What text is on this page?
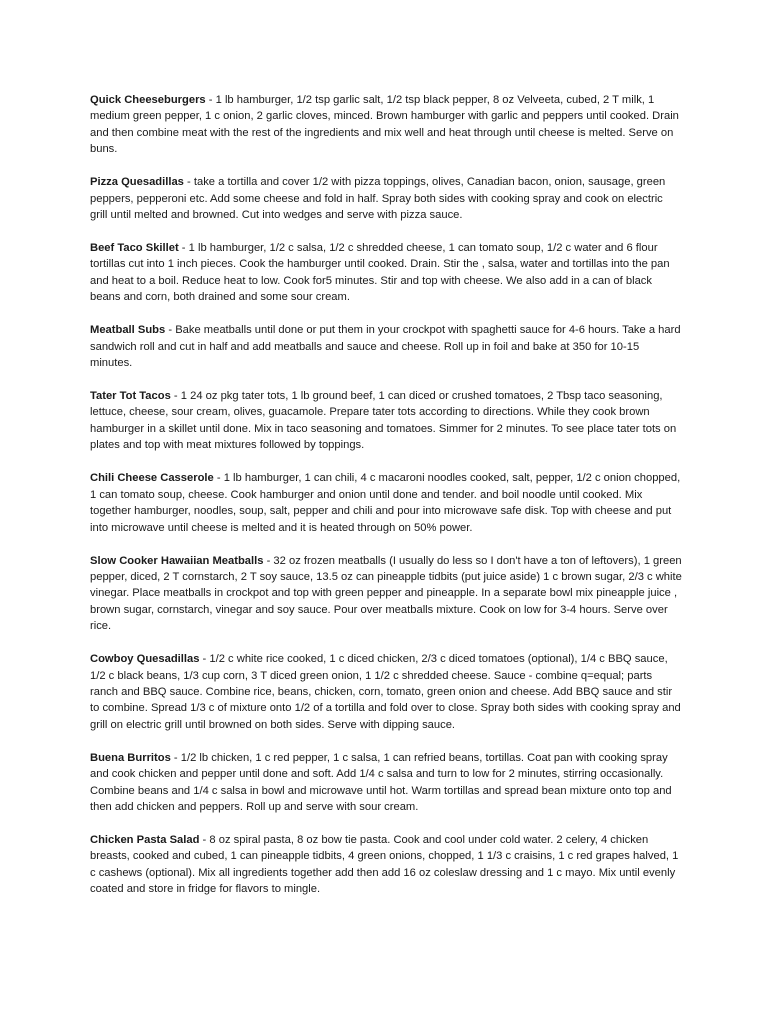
Quick Cheeseburgers - 1 lb hamburger, 1/2 tsp garlic salt, 1/2 tsp black pepper, 8 oz Velveeta, cubed, 2 T milk, 1 medium green pepper, 1 c onion, 2 garlic cloves, minced. Brown hamburger with garlic and peppers until cooked. Drain and then combine meat with the rest of the ingredients and mix well and heat through until cheese is melted. Serve on buns.

Pizza Quesadillas - take a tortilla and cover 1/2 with pizza toppings, olives, Canadian bacon, onion, sausage, green peppers, pepperoni etc. Add some cheese and fold in half. Spray both sides with cooking spray and cook on electric grill until melted and browned. Cut into wedges and serve with pizza sauce.

Beef Taco Skillet - 1 lb hamburger, 1/2 c salsa, 1/2 c shredded cheese, 1 can tomato soup, 1/2 c water and 6 flour tortillas cut into 1 inch pieces. Cook the hamburger until cooked. Drain. Stir the , salsa, water and tortillas into the pan and heat to a boil. Reduce heat to low. Cook for5 minutes. Stir and top with cheese. We also add in a can of black beans and corn, both drained and some sour cream.

Meatball Subs - Bake meatballs until done or put them in your crockpot with spaghetti sauce for 4-6 hours. Take a hard sandwich roll and cut in half and add meatballs and sauce and cheese. Roll up in foil and bake at 350 for 10-15 minutes.

Tater Tot Tacos - 1 24 oz pkg tater tots, 1 lb ground beef, 1 can diced or crushed tomatoes, 2 Tbsp taco seasoning, lettuce, cheese, sour cream, olives, guacamole. Prepare tater tots according to directions. While they cook brown hamburger in a skillet until done. Mix in taco seasoning and tomatoes. Simmer for 2 minutes. To see place tater tots on plates and top with meat mixtures followed by toppings.

Chili Cheese Casserole - 1 lb hamburger, 1 can chili, 4 c macaroni noodles cooked, salt, pepper, 1/2 c onion chopped, 1 can tomato soup, cheese. Cook hamburger and onion until done and tender. and boil noodle until cooked. Mix together hamburger, noodles, soup, salt, pepper and chili and pour into microwave safe disk. Top with cheese and put into microwave until cheese is melted and it is heated through on 50% power.

Slow Cooker Hawaiian Meatballs - 32 oz frozen meatballs (I usually do less so I don't have a ton of leftovers), 1 green pepper, diced, 2 T cornstarch, 2 T soy sauce, 13.5 oz can pineapple tidbits (put juice aside) 1 c brown sugar, 2/3 c white vinegar. Place meatballs in crockpot and top with green pepper and pineapple. In a separate bowl mix pineapple juice , brown sugar, cornstarch, vinegar and soy sauce. Pour over meatballs mixture. Cook on low for 3-4 hours. Serve over rice.

Cowboy Quesadillas - 1/2 c white rice cooked, 1 c diced chicken, 2/3 c diced tomatoes (optional), 1/4 c BBQ sauce, 1/2 c black beans, 1/3 cup corn, 3 T diced green onion, 1 1/2 c shredded cheese. Sauce - combine q=equal; parts ranch and BBQ sauce. Combine rice, beans, chicken, corn, tomato, green onion and cheese. Add BBQ sauce and stir to combine. Spread 1/3 c of mixture onto 1/2 of a tortilla and fold over to close. Spray both sides with cooking spray and grill on electric grill until browned on both sides. Serve with dipping sauce.

Buena Burritos - 1/2 lb chicken, 1 c red pepper, 1 c salsa, 1 can refried beans, tortillas. Coat pan with cooking spray and cook chicken and pepper until done and soft. Add 1/4 c salsa and turn to low for 2 minutes, stirring occasionally. Combine beans and 1/4 c salsa in bowl and microwave until hot. Warm tortillas and spread bean mixture onto top and then add chicken and peppers. Roll up and serve with sour cream.

Chicken Pasta Salad - 8 oz spiral pasta, 8 oz bow tie pasta. Cook and cool under cold water. 2 celery, 4 chicken breasts, cooked and cubed, 1 can pineapple tidbits, 4 green onions, chopped, 1 1/3 c craisins, 1 c red grapes halved, 1 c cashews (optional). Mix all ingredients together add then add 16 oz coleslaw dressing and 1 c mayo. Mix until evenly coated and store in fridge for flavors to mingle.
